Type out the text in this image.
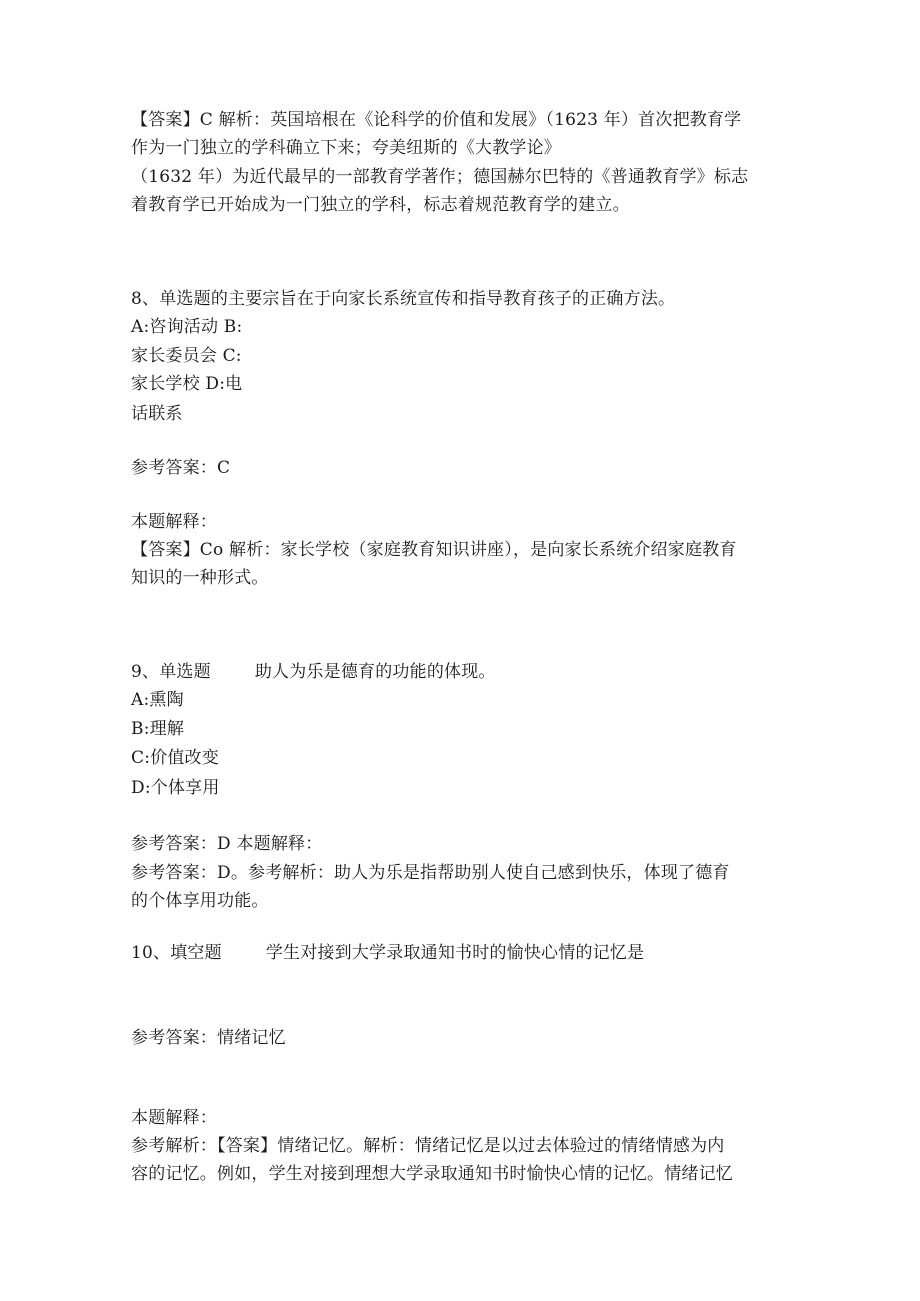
【答案】C 解析：英国培根在《论科学的价值和发展》（1623 年）首次把教育学
作为一门独立的学科确立下来；夸美纽斯的《大教学论》
（1632 年）为近代最早的一部教育学著作；德国赫尔巴特的《普通教育学》标志
着教育学已开始成为一门独立的学科，标志着规范教育学的建立。
8、单选题的主要宗旨在于向家长系统宣传和指导教育孩子的正确方法。
A:咨询活动 B:
家长委员会 C:
家长学校 D:电
话联系
参考答案：C
本题解释：
【答案】Co 解析：家长学校（家庭教育知识讲座），是向家长系统介绍家庭教育
知识的一种形式。
9、单选题	助人为乐是德育的功能的体现。
A:熏陶
B:理解
C:价值改变
D:个体享用
参考答案：D 本题解释：
参考答案：D。参考解析：助人为乐是指帮助别人使自己感到快乐，体现了德育
的个体享用功能。
10、填空题	学生对接到大学录取通知书时的愉快心情的记忆是
参考答案：情绪记忆
本题解释：
参考解析：【答案】情绪记忆。解析：情绪记忆是以过去体验过的情绪情感为内
容的记忆。例如，学生对接到理想大学录取通知书时愉快心情的记忆。情绪记忆
